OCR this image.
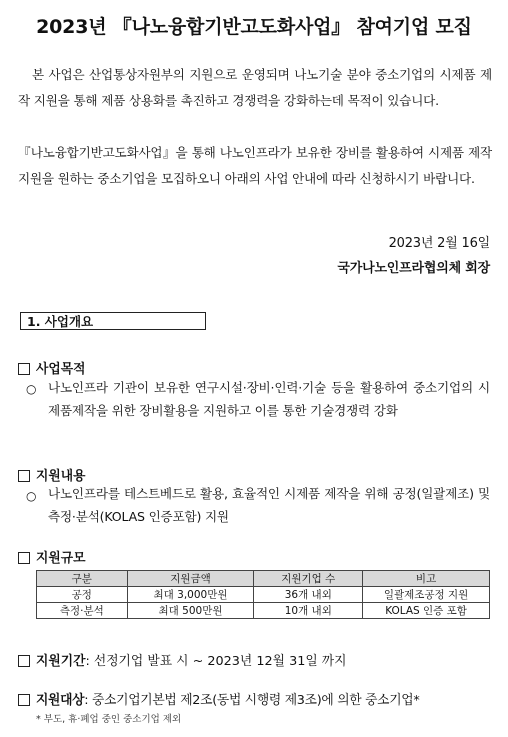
2023년 『나노융합기반고도화사업』 참여기업 모집
본 사업은 산업통상자원부의 지원으로 운영되며 나노기술 분야 중소기업의 시제품 제작 지원을 통해 제품 상용화를 촉진하고 경쟁력을 강화하는데 목적이 있습니다.
『나노융합기반고도화사업』을 통해 나노인프라가 보유한 장비를 활용하여 시제품 제작 지원을 원하는 중소기업을 모집하오니 아래의 사업 안내에 따라 신청하시기 바랍니다.
2023년 2월 16일
국가나노인프라협의체 회장
1. 사업개요
사업목적
○ 나노인프라 기관이 보유한 연구시설·장비·인력·기술 등을 활용하여 중소기업의 시제품제작을 위한 장비활용을 지원하고 이를 통한 기술경쟁력 강화
지원내용
○ 나노인프라를 테스트베드로 활용, 효율적인 시제품 제작을 위해 공정(일괄제조) 및 측정·분석(KOLAS 인증포함) 지원
지원규모
구분	지원금액	지원기업 수	비고
공정	최대 3,000만원	36개 내외	일괄제조공정 지원
측정·분석	최대 500만원	10개 내외	KOLAS 인증 포함
지원기간: 선정기업 발표 시 ~ 2023년 12월 31일 까지
지원대상: 중소기업기본법 제2조(동법 시행령 제3조)에 의한 중소기업*
* 부도, 휴·폐업 중인 중소기업 제외
